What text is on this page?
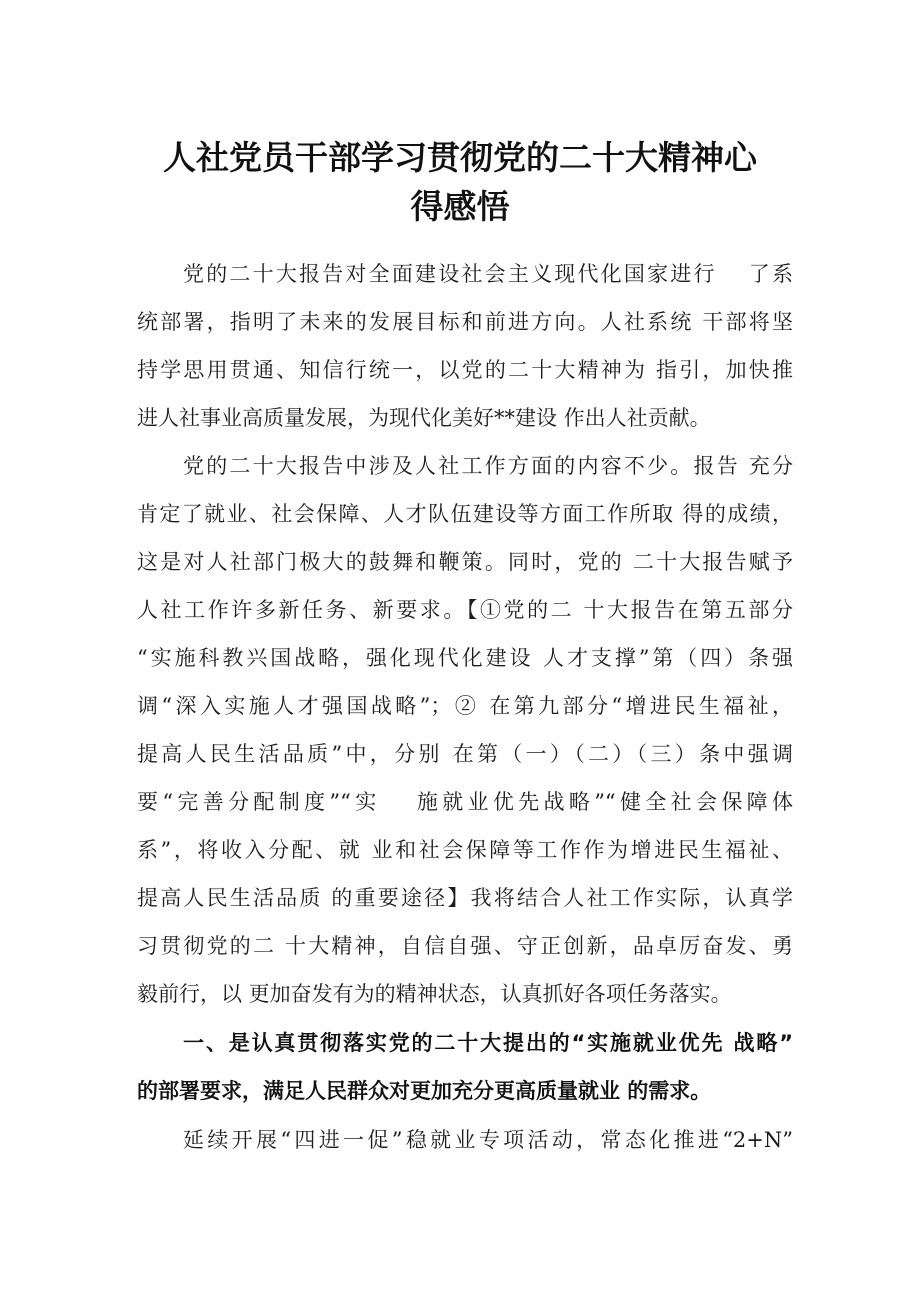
人社党员干部学习贯彻党的二十大精神心
得感悟
党的二十大报告对全面建设社会主义现代化国家进行　 了系
统部署，指明了未来的发展目标和前进方向。人社系统 干部将坚
持学思用贯通、知信行统一，以党的二十大精神为 指引，加快推
进人社事业高质量发展，为现代化美好**建设 作出人社贡献。
党的二十大报告中涉及人社工作方面的内容不少。报告 充分
肯定了就业、社会保障、人才队伍建设等方面工作所取 得的成绩，
这是对人社部门极大的鼓舞和鞭策。同时，党的 二十大报告赋予
人社工作许多新任务、新要求。【①党的二 十大报告在第五部分
“实施科教兴国战略，强化现代化建设 人才支撑”第（四）条强
调“深入实施人才强国战略”；② 在第九部分“增进民生福祉，
提高人民生活品质”中，分别 在第（一）（二）（三）条中强调
要“完善分配制度”“实　 施就业优先战略”“健全社会保障体
系”，将收入分配、就 业和社会保障等工作作为增进民生福祉、
提高人民生活品质 的重要途径】我将结合人社工作实际，认真学
习贯彻党的二 十大精神，自信自强、守正创新，品卓厉奋发、勇
毅前行，以 更加奋发有为的精神状态，认真抓好各项任务落实。
一、是认真贯彻落实党的二十大提出的“实施就业优先 战略”
的部署要求，满足人民群众对更加充分更高质量就业 的需求。
延续开展“四进一促”稳就业专项活动，常态化推进“2+N”
